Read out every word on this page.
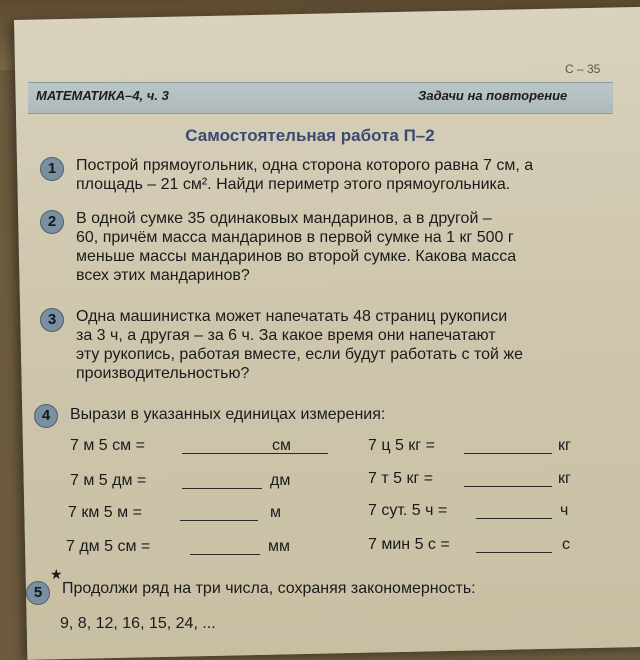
С – 35
МАТЕМАТИКА–4, ч. 3	Задачи на повторение
Самостоятельная работа П–2
1	Построй прямоугольник, одна сторона которого равна 7 см, а
площадь – 21 см². Найди периметр этого прямоугольника.
2	В одной сумке 35 одинаковых мандаринов, а в другой –
60, причём масса мандаринов в первой сумке на 1 кг 500 г
меньше массы мандаринов во второй сумке. Какова масса
всех этих мандаринов?
3	Одна машинистка может напечатать 48 страниц рукописи
за 3 ч, а другая – за 6 ч. За какое время они напечатают
эту рукопись, работая вместе, если будут работать с той же
производительностью?
4	Вырази в указанных единицах измерения:
7 м 5 см =	см
7 м 5 дм =	дм
7 км 5 м =	м
7 дм 5 см =	мм
7 ц 5 кг =	кг
7 т 5 кг =	кг
7 сут. 5 ч =	ч
7 мин 5 с =	с
★
5	Продолжи ряд на три числа, сохраняя закономерность:
9, 8, 12, 16, 15, 24, ...
